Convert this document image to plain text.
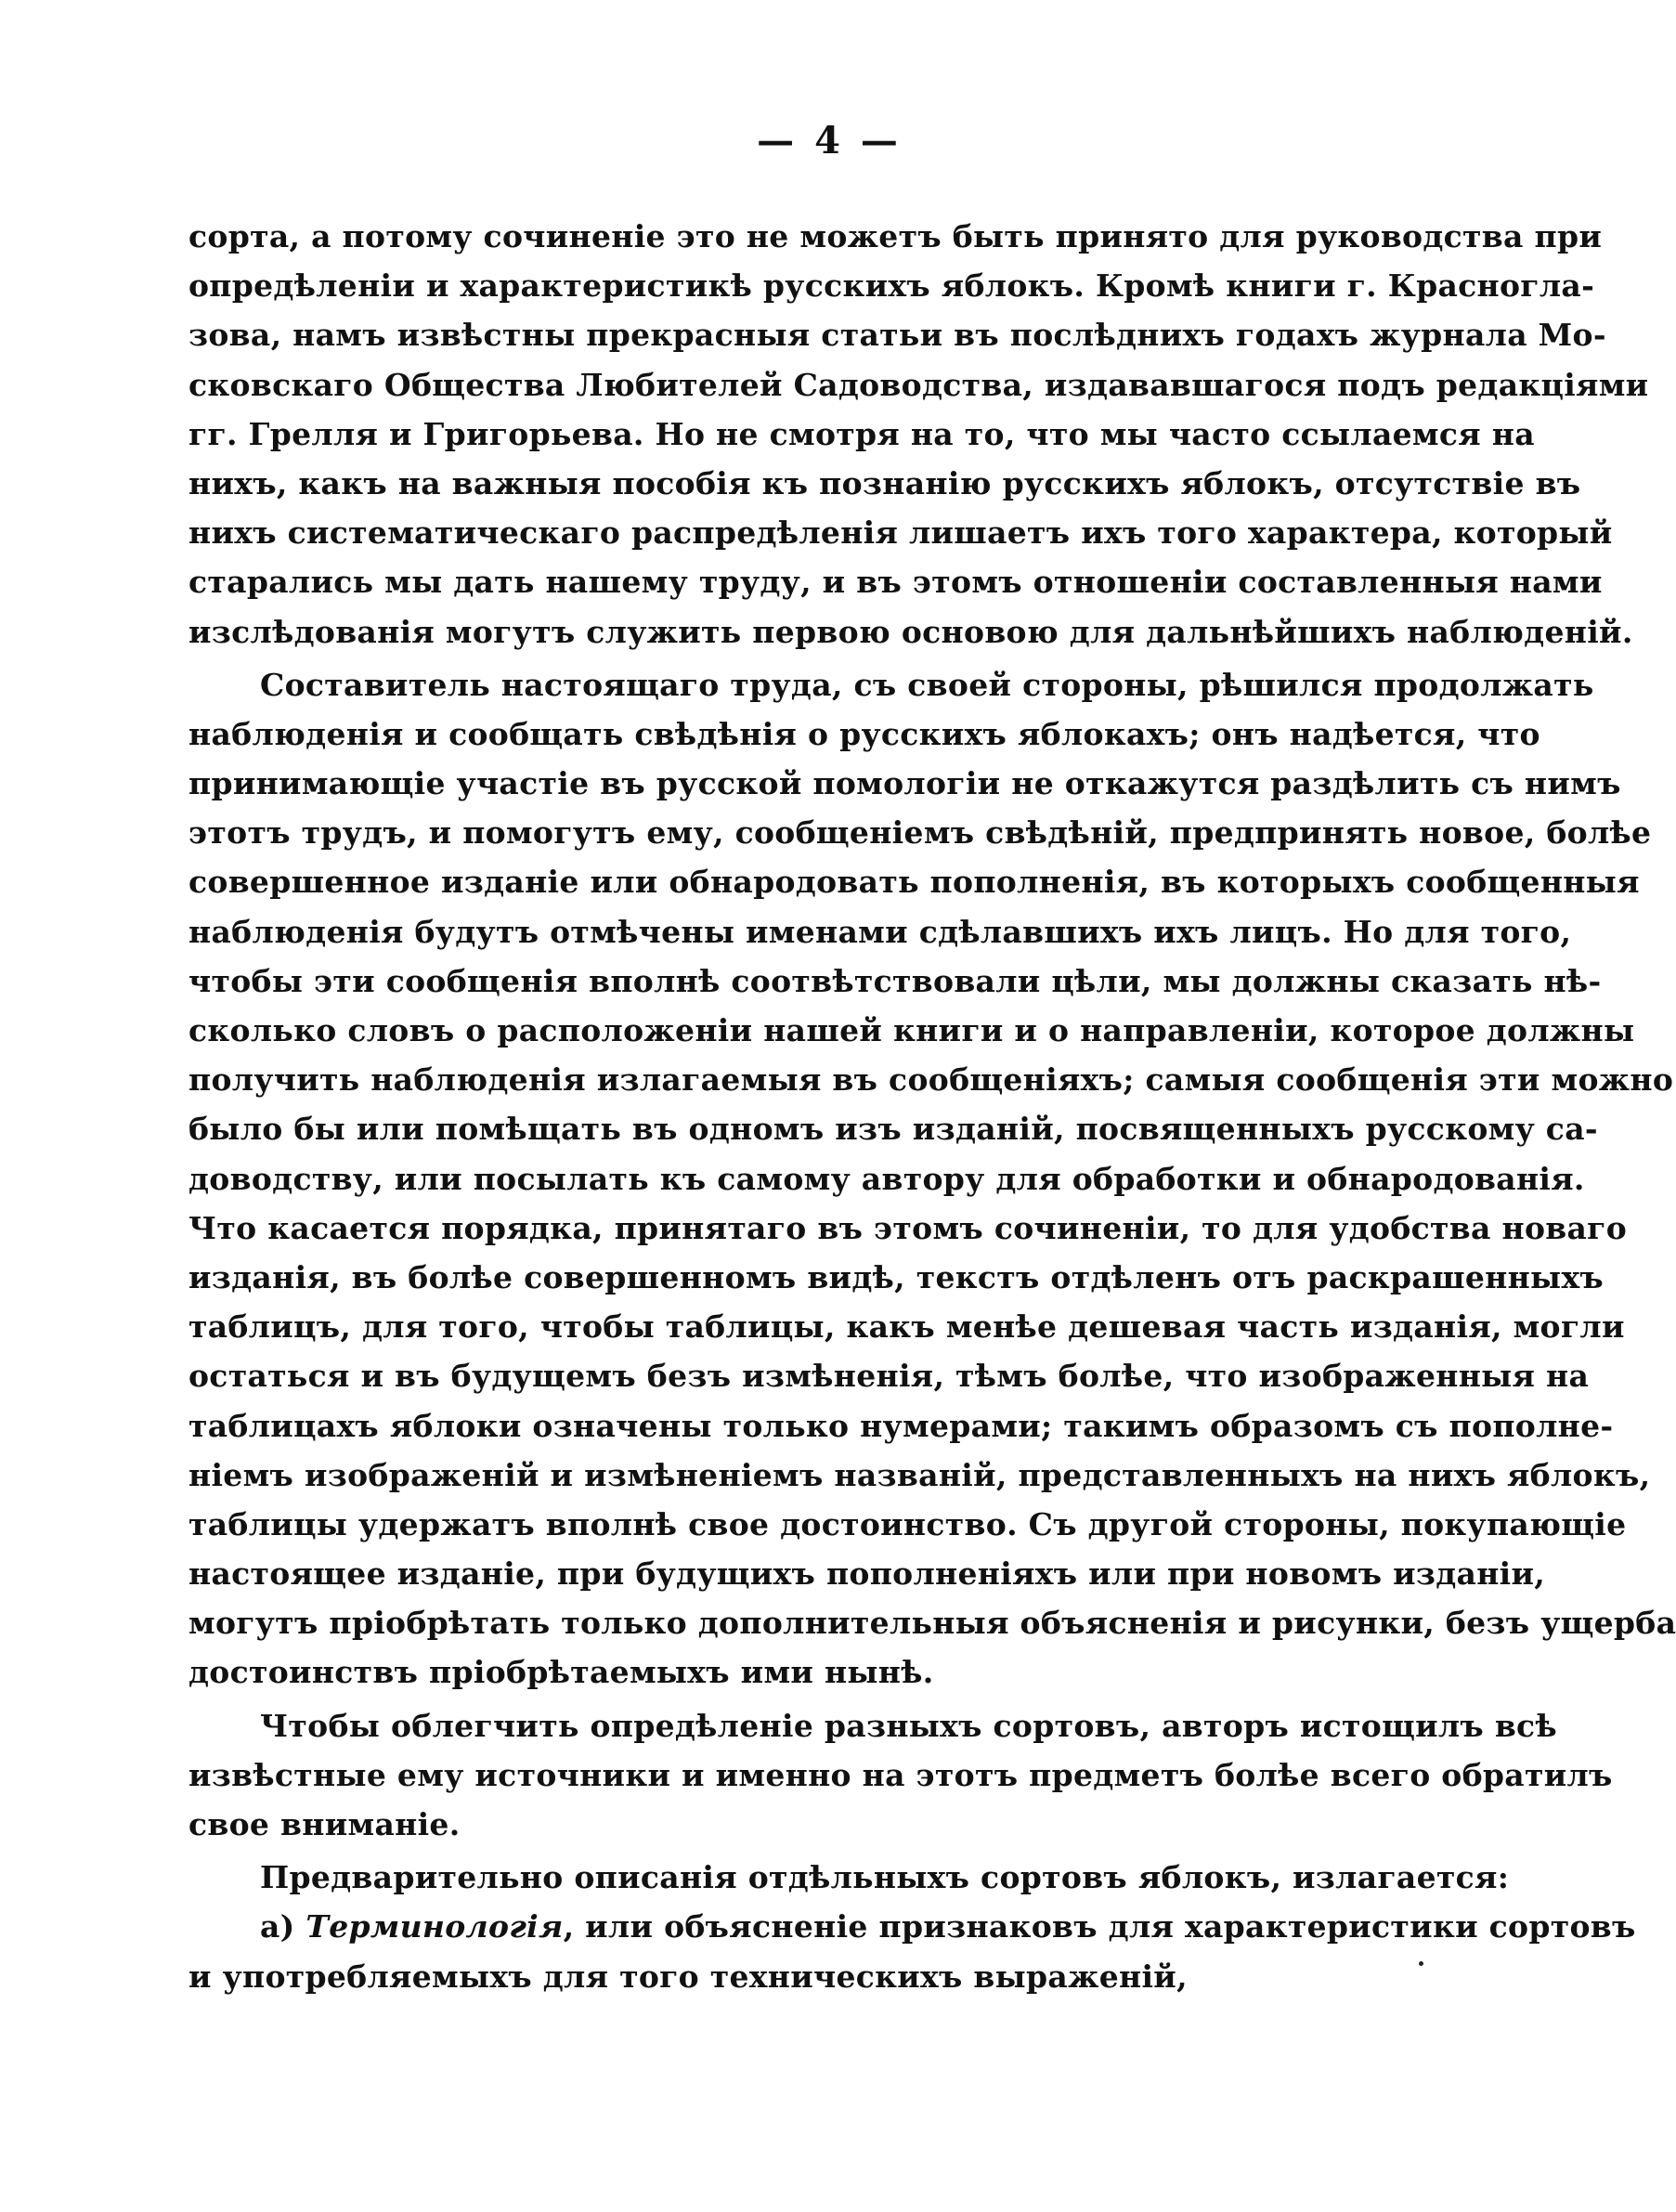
— 4 —
сорта, а потому сочиненіе это не можетъ быть принято для руководства при
опредѣленіи и характеристикѣ русскихъ яблокъ. Кромѣ книги г. Красногла-
зова, намъ извѣстны прекрасныя статьи въ послѣднихъ годахъ журнала Мо-
сковскаго Общества Любителей Садоводства, издававшагося подъ редакціями
гг. Грелля и Григорьева. Но не смотря на то, что мы часто ссылаемся на
нихъ, какъ на важныя пособія къ познанію русскихъ яблокъ, отсутствіе въ
нихъ систематическаго распредѣленія лишаетъ ихъ того характера, который
старались мы дать нашему труду, и въ этомъ отношеніи составленныя нами
изслѣдованія могутъ служить первою основою для дальнѣйшихъ наблюденій.
Составитель настоящаго труда, съ своей стороны, рѣшился продолжать
наблюденія и сообщать свѣдѣнія о русскихъ яблокахъ; онъ надѣется, что
принимающіе участіе въ русской помологіи не откажутся раздѣлить съ нимъ
этотъ трудъ, и помогутъ ему, сообщеніемъ свѣдѣній, предпринять новое, болѣе
совершенное изданіе или обнародовать пополненія, въ которыхъ сообщенныя
наблюденія будутъ отмѣчены именами сдѣлавшихъ ихъ лицъ. Но для того,
чтобы эти сообщенія вполнѣ соотвѣтствовали цѣли, мы должны сказать нѣ-
сколько словъ о расположеніи нашей книги и о направленіи, которое должны
получить наблюденія излагаемыя въ сообщеніяхъ; самыя сообщенія эти можно
было бы или помѣщать въ одномъ изъ изданій, посвященныхъ русскому са-
доводству, или посылать къ самому автору для обработки и обнародованія.
Что касается порядка, принятаго въ этомъ сочиненіи, то для удобства новаго
изданія, въ болѣе совершенномъ видѣ, текстъ отдѣленъ отъ раскрашенныхъ
таблицъ, для того, чтобы таблицы, какъ менѣе дешевая часть изданія, могли
остаться и въ будущемъ безъ измѣненія, тѣмъ болѣе, что изображенныя на
таблицахъ яблоки означены только нумерами; такимъ образомъ съ пополне-
ніемъ изображеній и измѣненіемъ названій, представленныхъ на нихъ яблокъ,
таблицы удержатъ вполнѣ свое достоинство. Съ другой стороны, покупающіе
настоящее изданіе, при будущихъ пополненіяхъ или при новомъ изданіи,
могутъ пріобрѣтать только дополнительныя объясненія и рисунки, безъ ущерба
достоинствъ пріобрѣтаемыхъ ими нынѣ.
Чтобы облегчить опредѣленіе разныхъ сортовъ, авторъ истощилъ всѣ
извѣстные ему источники и именно на этотъ предметъ болѣе всего обратилъ
свое вниманіе.
Предварительно описанія отдѣльныхъ сортовъ яблокъ, излагается:
а) Терминологія, или объясненіе признаковъ для характеристики сортовъ
и употребляемыхъ для того техническихъ выраженій,
